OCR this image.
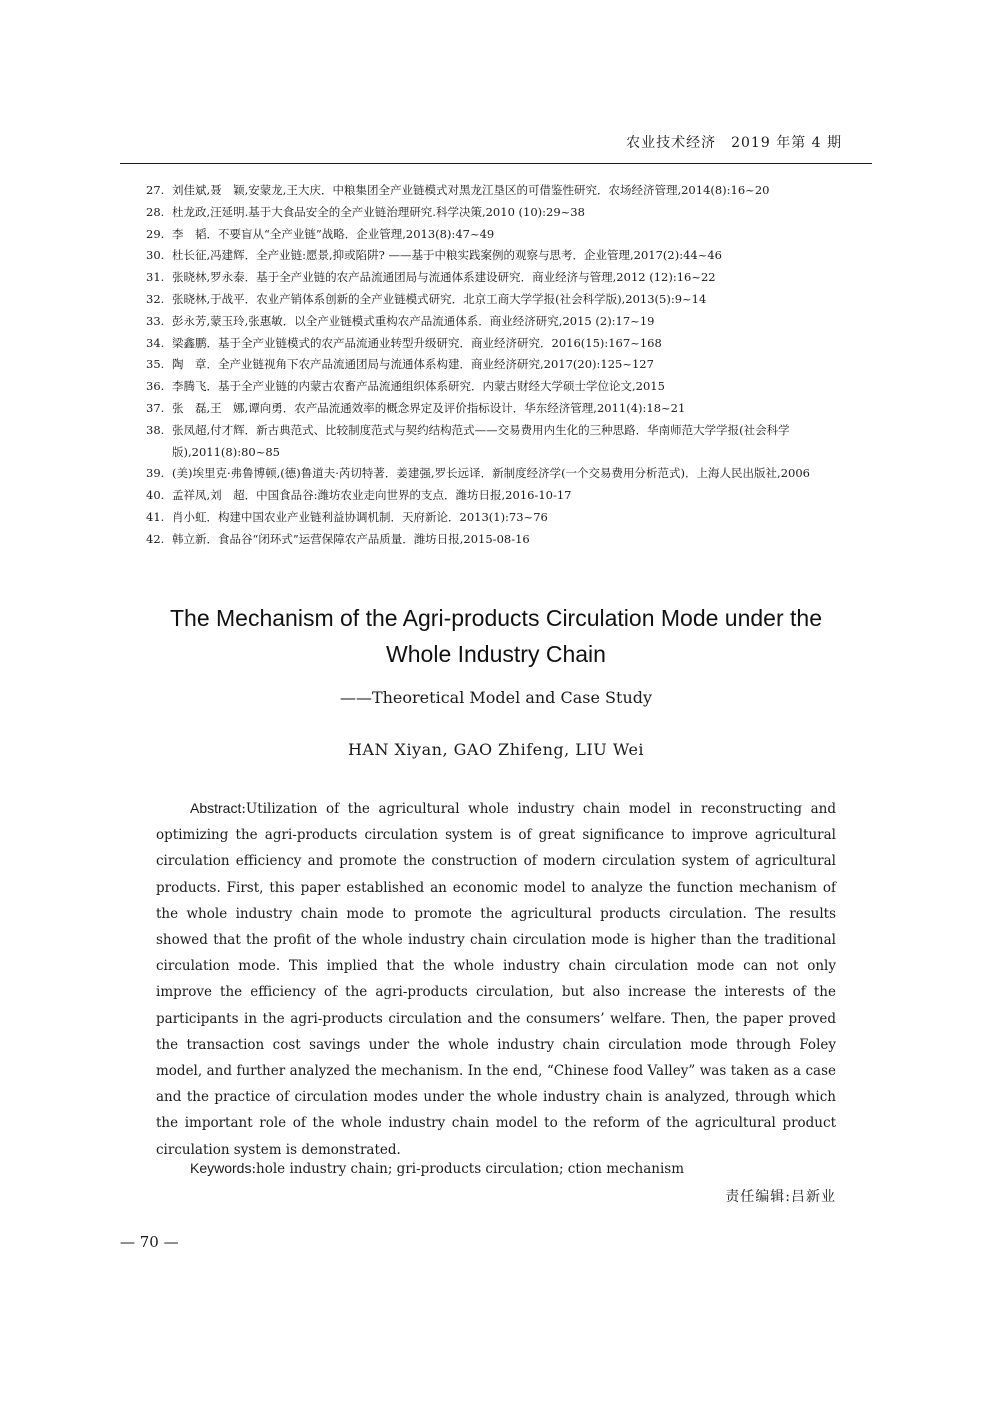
农业技术经济　2019 年第 4 期
27. 刘佳斌,聂　颖,安蒙龙,王大庆．中粮集团全产业链模式对黑龙江垦区的可借鉴性研究．农场经济管理,2014(8):16~20
28. 杜龙政,汪延明.基于大食品安全的全产业链治理研究.科学决策,2010 (10):29~38
29. 李　韬．不要盲从“全产业链”战略．企业管理,2013(8):47~49
30. 杜长征,冯建辉．全产业链:愿景,抑或陷阱? ——基于中粮实践案例的观察与思考．企业管理,2017(2):44~46
31. 张晓林,罗永泰．基于全产业链的农产品流通团局与流通体系建设研究．商业经济与管理,2012 (12):16~22
32. 张晓林,于战平．农业产销体系创新的全产业链模式研究．北京工商大学学报(社会科学版),2013(5):9~14
33. 彭永芳,蒙玉玲,张惠敏．以全产业链模式重构农产品流通体系．商业经济研究,2015 (2):17~19
34. 梁鑫鹏．基于全产业链模式的农产品流通业转型升级研究．商业经济研究．2016(15):167~168
35. 陶　章．全产业链视角下农产品流通团局与流通体系构建．商业经济研究,2017(20):125~127
36. 李腾飞．基于全产业链的内蒙古农畜产品流通组织体系研究．内蒙古财经大学硕士学位论文,2015
37. 张　磊,王　娜,谭向勇．农产品流通效率的概念界定及评价指标设计．华东经济管理,2011(4):18~21
38. 张凤超,付才辉．新古典范式、比较制度范式与契约结构范式——交易费用内生化的三种思路．华南师范大学学报(社会科学版),2011(8):80~85
39. (美)埃里克·弗鲁博顿,(德)鲁道夫·芮切特著．姜建强,罗长远译．新制度经济学(一个交易费用分析范式)．上海人民出版社,2006
40. 孟祥凤,刘　超．中国食品谷:潍坊农业走向世界的支点．潍坊日报,2016-10-17
41. 肖小虹．构建中国农业产业链利益协调机制．天府新论．2013(1):73~76
42. 韩立新．食品谷“闭环式”运营保障农产品质量．潍坊日报,2015-08-16
The Mechanism of the Agri-products Circulation Mode under the
Whole Industry Chain
——Theoretical Model and Case Study
HAN Xiyan, GAO Zhifeng, LIU Wei

Abstract:Utilization of the agricultural whole industry chain model in reconstructing and optimizing the agri-products circulation system is of great significance to improve agricultural circulation efficiency and promote the construction of modern circulation system of agricultural products. First, this paper established an economic model to analyze the function mechanism of the whole industry chain mode to promote the agricultural products circulation. The results showed that the profit of the whole industry chain circulation mode is higher than the traditional circulation mode. This implied that the whole industry chain circulation mode can not only improve the efficiency of the agri-products circulation, but also increase the interests of the participants in the agri-products circulation and the consumers’ welfare. Then, the paper proved the transaction cost savings under the whole industry chain circulation mode through Foley model, and further analyzed the mechanism. In the end, “Chinese food Valley” was taken as a case and the practice of circulation modes under the whole industry chain is analyzed, through which the important role of the whole industry chain model to the reform of the agricultural product circulation system is demonstrated.

Keywords:hole industry chain; gri-products circulation; ction mechanism
责任编辑:吕新业
— 70 —
